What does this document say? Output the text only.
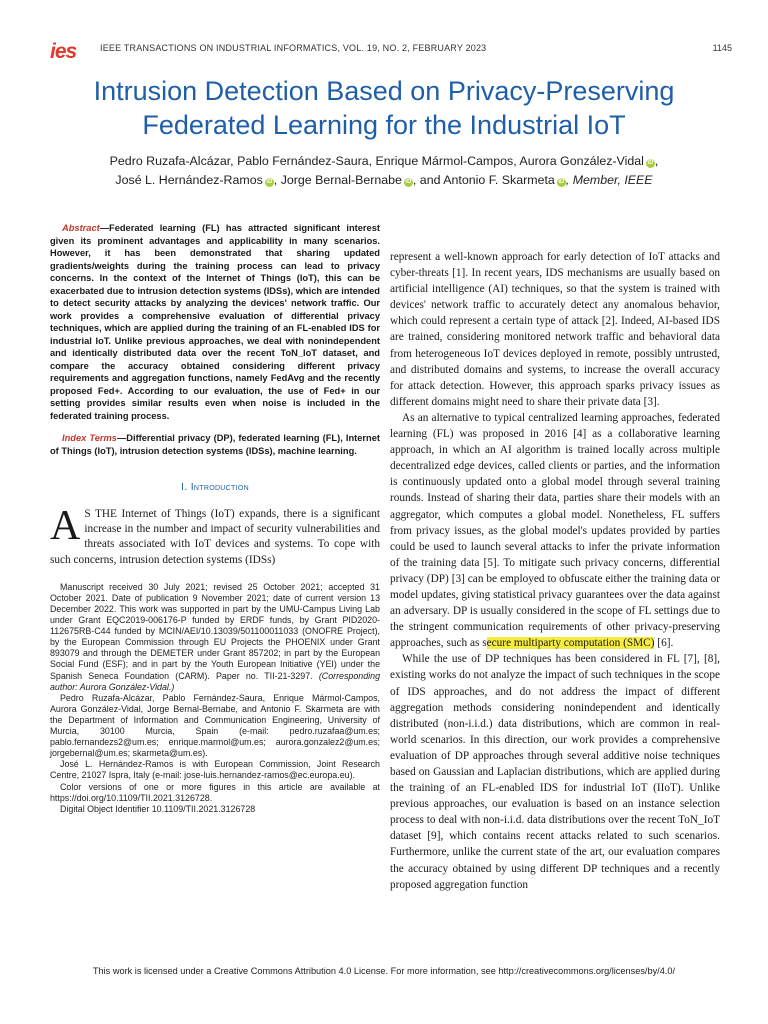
ies	IEEE TRANSACTIONS ON INDUSTRIAL INFORMATICS, VOL. 19, NO. 2, FEBRUARY 2023	1145
Intrusion Detection Based on Privacy-Preserving
Federated Learning for the Industrial IoT
Pedro Ruzafa-Alcázar, Pablo Fernández-Saura, Enrique Mármol-Campos, Aurora González-Vidal iD ,
José L. Hernández-Ramos iD , Jorge Bernal-Bernabe iD , and Antonio F. Skarmeta iD , Member, IEEE

Abstract—Federated learning (FL) has attracted significant interest given its prominent advantages and applicability in many scenarios. However, it has been demonstrated that sharing updated gradients/weights during the training process can lead to privacy concerns. In the context of the Internet of Things (IoT), this can be exacerbated due to intrusion detection systems (IDSs), which are intended to detect security attacks by analyzing the devices' network traffic. Our work provides a comprehensive evaluation of differential privacy techniques, which are applied during the training of an FL-enabled IDS for industrial IoT. Unlike previous approaches, we deal with nonindependent and identically distributed data over the recent ToN_IoT dataset, and compare the accuracy obtained considering different privacy requirements and aggregation functions, namely FedAvg and the recently proposed Fed+. According to our evaluation, the use of Fed+ in our setting provides similar results even when noise is included in the federated training process.

Index Terms—Differential privacy (DP), federated learning (FL), Internet of Things (IoT), intrusion detection systems (IDSs), machine learning.

I. Introduction

A S THE Internet of Things (IoT) expands, there is a significant increase in the number and impact of security vulnerabilities and threats associated with IoT devices and systems. To cope with such concerns, intrusion detection systems (IDSs)

Manuscript received 30 July 2021; revised 25 October 2021; accepted 31 October 2021. Date of publication 9 November 2021; date of current version 13 December 2022. This work was supported in part by the UMU-Campus Living Lab under Grant EQC2019-006176-P funded by ERDF funds, by Grant PID2020-112675RB-C44 funded by MCIN/AEI/10.13039/501100011033 (ONOFRE Project), by the European Commission through EU Projects the PHOENIX under Grant 893079 and through the DEMETER under Grant 857202; in part by the European Social Fund (ESF); and in part by the Youth European Initiative (YEI) under the Spanish Seneca Foundation (CARM). Paper no. TII-21-3297. (Corresponding author: Aurora González-Vidal.)

Pedro Ruzafa-Alcázar, Pablo Fernández-Saura, Enrique Mármol-Campos, Aurora González-Vidal, Jorge Bernal-Bernabe, and Antonio F. Skarmeta are with the Department of Information and Communication Engineering, University of Murcia, 30100 Murcia, Spain (e-mail: pedro.ruzafaa@um.es; pablo.fernandezs2@um.es; enrique.marmol@um.es; aurora.gonzalez2@um.es; jorgebernal@um.es; skarmeta@um.es).

José L. Hernández-Ramos is with European Commission, Joint Research Centre, 21027 Ispra, Italy (e-mail: jose-luis.hernandez-ramos@ec.europa.eu).

Color versions of one or more figures in this article are available at https://doi.org/10.1109/TII.2021.3126728.

Digital Object Identifier 10.1109/TII.2021.3126728

represent a well-known approach for early detection of IoT attacks and cyber-threats [1]. In recent years, IDS mechanisms are usually based on artificial intelligence (AI) techniques, so that the system is trained with devices' network traffic to accurately detect any anomalous behavior, which could represent a certain type of attack [2]. Indeed, AI-based IDS are trained, considering monitored network traffic and behavioral data from heterogeneous IoT devices deployed in remote, possibly untrusted, and distributed domains and systems, to increase the overall accuracy for attack detection. However, this approach sparks privacy issues as different domains might need to share their private data [3].

As an alternative to typical centralized learning approaches, federated learning (FL) was proposed in 2016 [4] as a collaborative learning approach, in which an AI algorithm is trained locally across multiple decentralized edge devices, called clients or parties, and the information is continuously updated onto a global model through several training rounds. Instead of sharing their data, parties share their models with an aggregator, which computes a global model. Nonetheless, FL suffers from privacy issues, as the global model's updates provided by parties could be used to launch several attacks to infer the private information of the training data [5]. To mitigate such privacy concerns, differential privacy (DP) [3] can be employed to obfuscate either the training data or model updates, giving statistical privacy guarantees over the data against an adversary. DP is usually considered in the scope of FL settings due to the stringent communication requirements of other privacy-preserving approaches, such as secure multiparty computation (SMC) [6].

While the use of DP techniques has been considered in FL [7], [8], existing works do not analyze the impact of such techniques in the scope of IDS approaches, and do not address the impact of different aggregation methods considering nonindependent and identically distributed (non-i.i.d.) data distributions, which are common in real-world scenarios. In this direction, our work provides a comprehensive evaluation of DP approaches through several additive noise techniques based on Gaussian and Laplacian distributions, which are applied during the training of an FL-enabled IDS for industrial IoT (IIoT). Unlike previous approaches, our evaluation is based on an instance selection process to deal with non-i.i.d. data distributions over the recent ToN_IoT dataset [9], which contains recent attacks related to such scenarios. Furthermore, unlike the current state of the art, our evaluation compares the accuracy obtained by using different DP techniques and a recently proposed aggregation function

This work is licensed under a Creative Commons Attribution 4.0 License. For more information, see http://creativecommons.org/licenses/by/4.0/
